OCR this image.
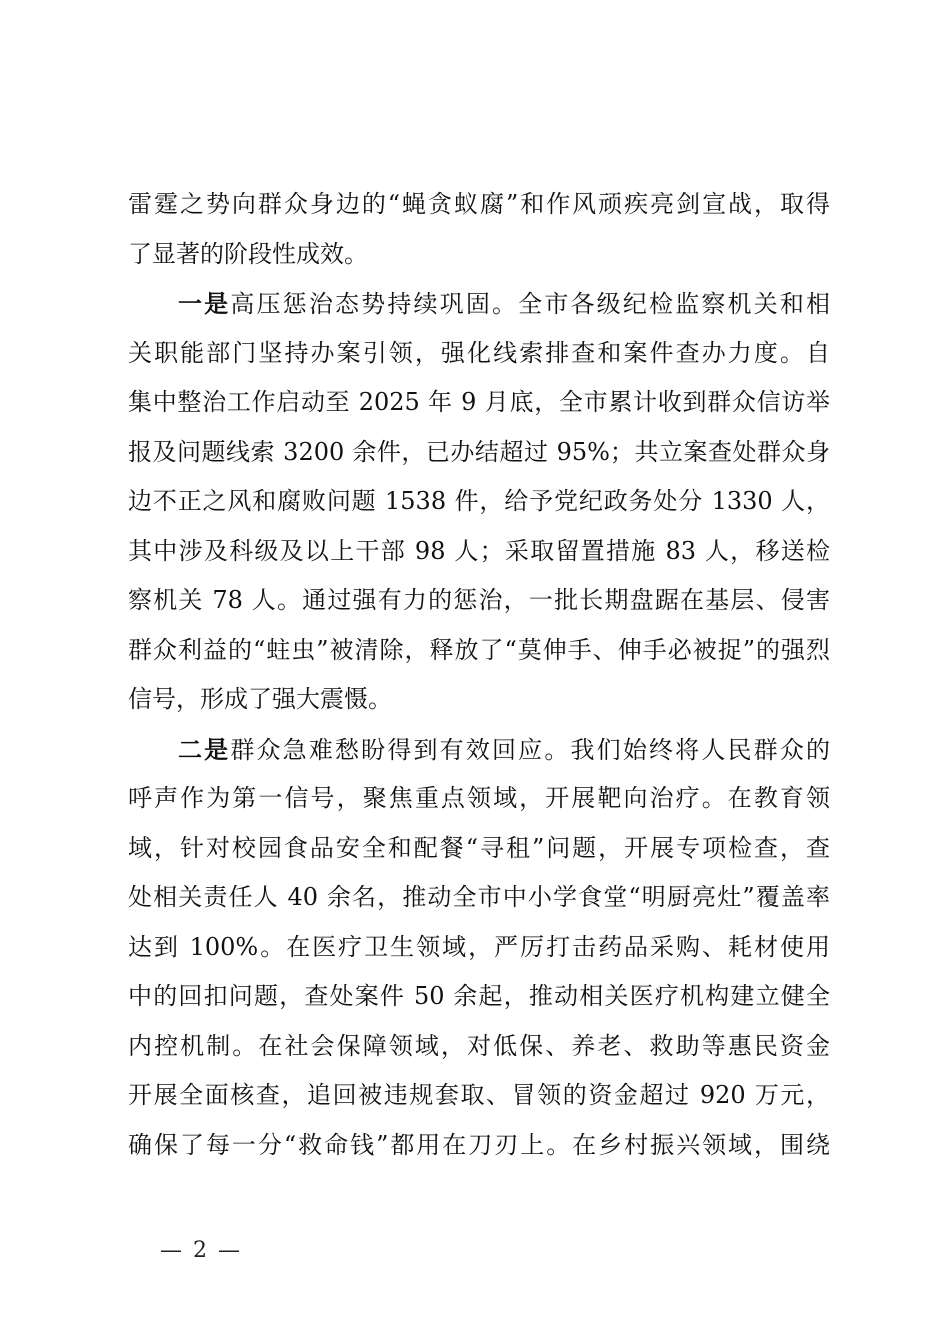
雷霆之势向群众身边的“蝇贪蚁腐”和作风顽疾亮剑宣战，取得
了显著的阶段性成效。
一是高压惩治态势持续巩固。全市各级纪检监察机关和相
关职能部门坚持办案引领，强化线索排查和案件查办力度。自
集中整治工作启动至 2025 年 9 月底，全市累计收到群众信访举
报及问题线索 3200 余件，已办结超过 95%；共立案查处群众身
边不正之风和腐败问题 1538 件，给予党纪政务处分 1330 人，
其中涉及科级及以上干部 98 人；采取留置措施 83 人，移送检
察机关 78 人。通过强有力的惩治，一批长期盘踞在基层、侵害
群众利益的“蛀虫”被清除，释放了“莫伸手、伸手必被捉”的强烈
信号，形成了强大震慑。
二是群众急难愁盼得到有效回应。我们始终将人民群众的
呼声作为第一信号，聚焦重点领域，开展靶向治疗。在教育领
域，针对校园食品安全和配餐“寻租”问题，开展专项检查，查
处相关责任人 40 余名，推动全市中小学食堂“明厨亮灶”覆盖率
达到 100%。在医疗卫生领域，严厉打击药品采购、耗材使用
中的回扣问题，查处案件 50 余起，推动相关医疗机构建立健全
内控机制。在社会保障领域，对低保、养老、救助等惠民资金
开展全面核查，追回被违规套取、冒领的资金超过 920 万元，
确保了每一分“救命钱”都用在刀刃上。在乡村振兴领域，围绕
— 2 —
